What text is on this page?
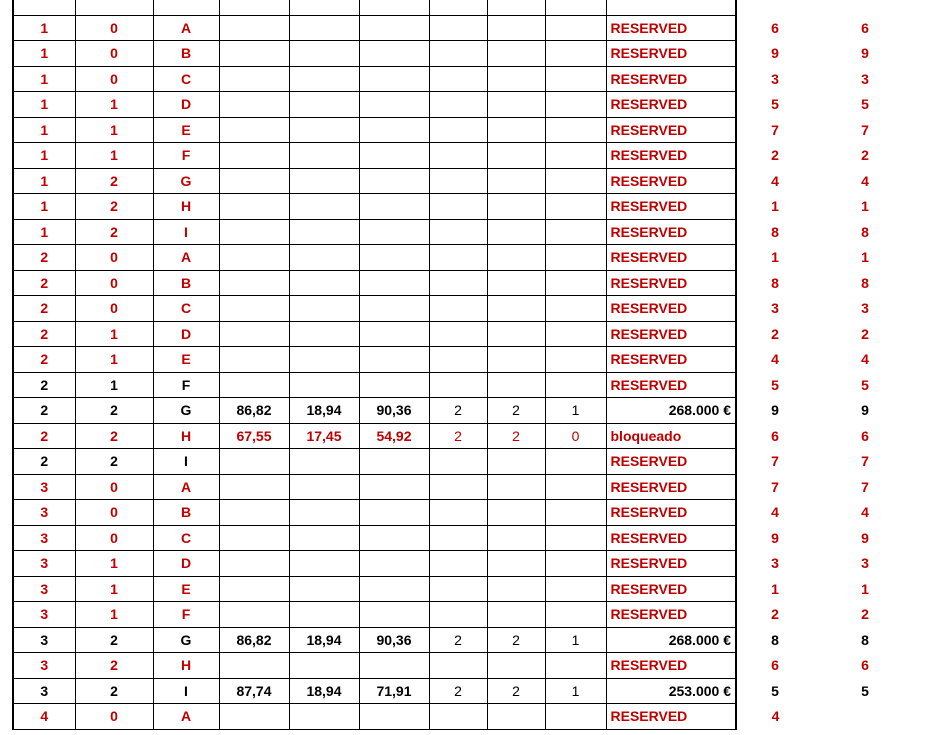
1	0	A							RESERVED	6	6
1	0	B							RESERVED	9	9
1	0	C							RESERVED	3	3
1	1	D							RESERVED	5	5
1	1	E							RESERVED	7	7
1	1	F							RESERVED	2	2
1	2	G							RESERVED	4	4
1	2	H							RESERVED	1	1
1	2	I							RESERVED	8	8
2	0	A							RESERVED	1	1
2	0	B							RESERVED	8	8
2	0	C							RESERVED	3	3
2	1	D							RESERVED	2	2
2	1	E							RESERVED	4	4
2	1	F							RESERVED	5	5
2	2	G	86,82	18,94	90,36	2	2	1	268.000 €	9	9
2	2	H	67,55	17,45	54,92	2	2	0	bloqueado	6	6
2	2	I							RESERVED	7	7
3	0	A							RESERVED	7	7
3	0	B							RESERVED	4	4
3	0	C							RESERVED	9	9
3	1	D							RESERVED	3	3
3	1	E							RESERVED	1	1
3	1	F							RESERVED	2	2
3	2	G	86,82	18,94	90,36	2	2	1	268.000 €	8	8
3	2	H							RESERVED	6	6
3	2	I	87,74	18,94	71,91	2	2	1	253.000 €	5	5
4	0	A							RESERVED	4	
